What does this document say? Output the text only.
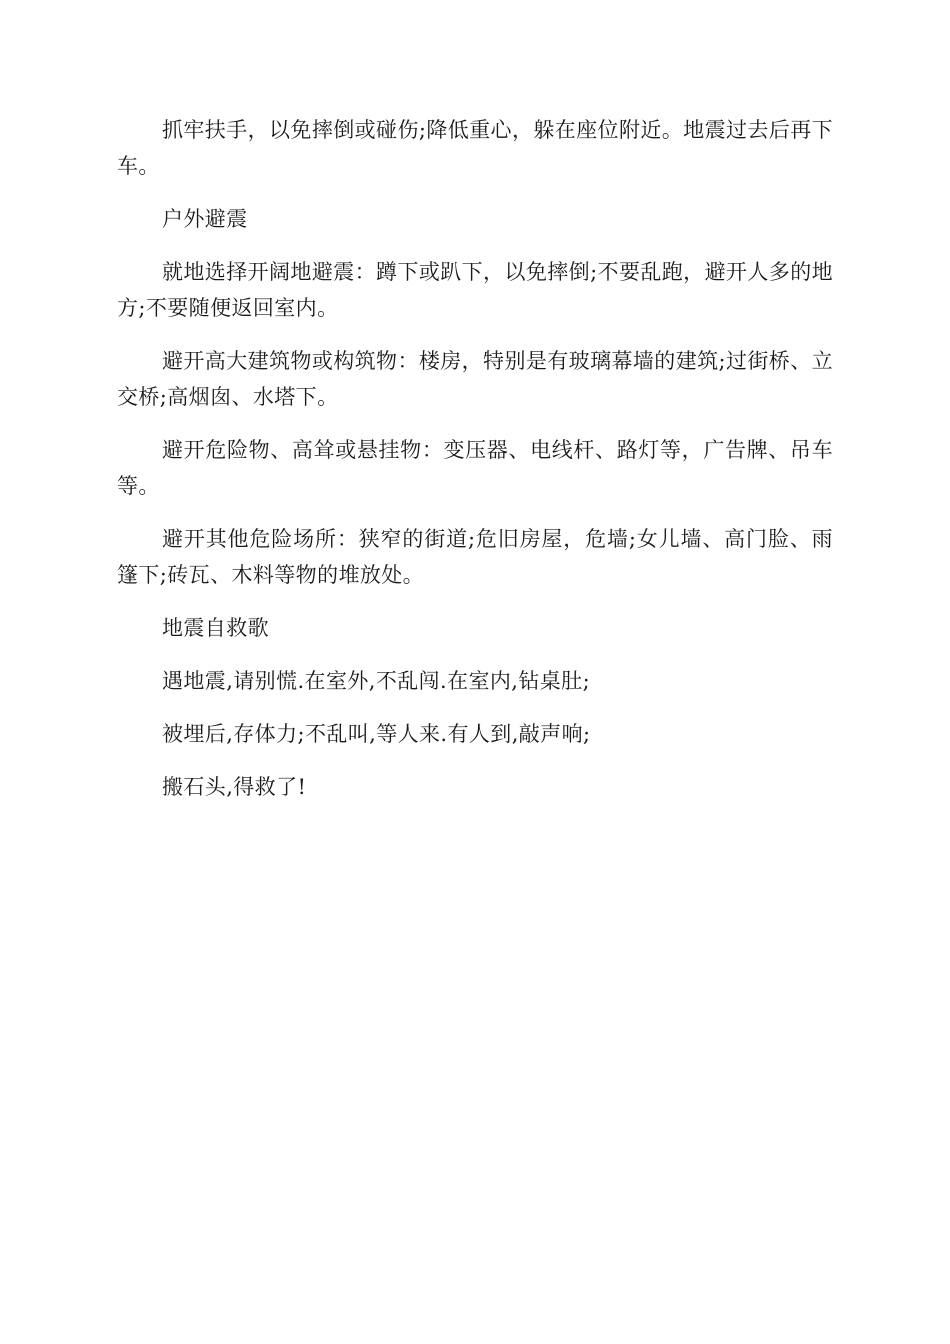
抓牢扶手，以免摔倒或碰伤;降低重心，躲在座位附近。地震过去后再下车。

户外避震

就地选择开阔地避震：蹲下或趴下，以免摔倒;不要乱跑，避开人多的地方;不要随便返回室内。

避开高大建筑物或构筑物：楼房，特别是有玻璃幕墙的建筑;过街桥、立交桥;高烟囱、水塔下。

避开危险物、高耸或悬挂物：变压器、电线杆、路灯等，广告牌、吊车等。

避开其他危险场所：狭窄的街道;危旧房屋，危墙;女儿墙、高门脸、雨篷下;砖瓦、木料等物的堆放处。

地震自救歌

遇地震,请别慌.在室外,不乱闯.在室内,钻桌肚;

被埋后,存体力;不乱叫,等人来.有人到,敲声响;

搬石头,得救了!
